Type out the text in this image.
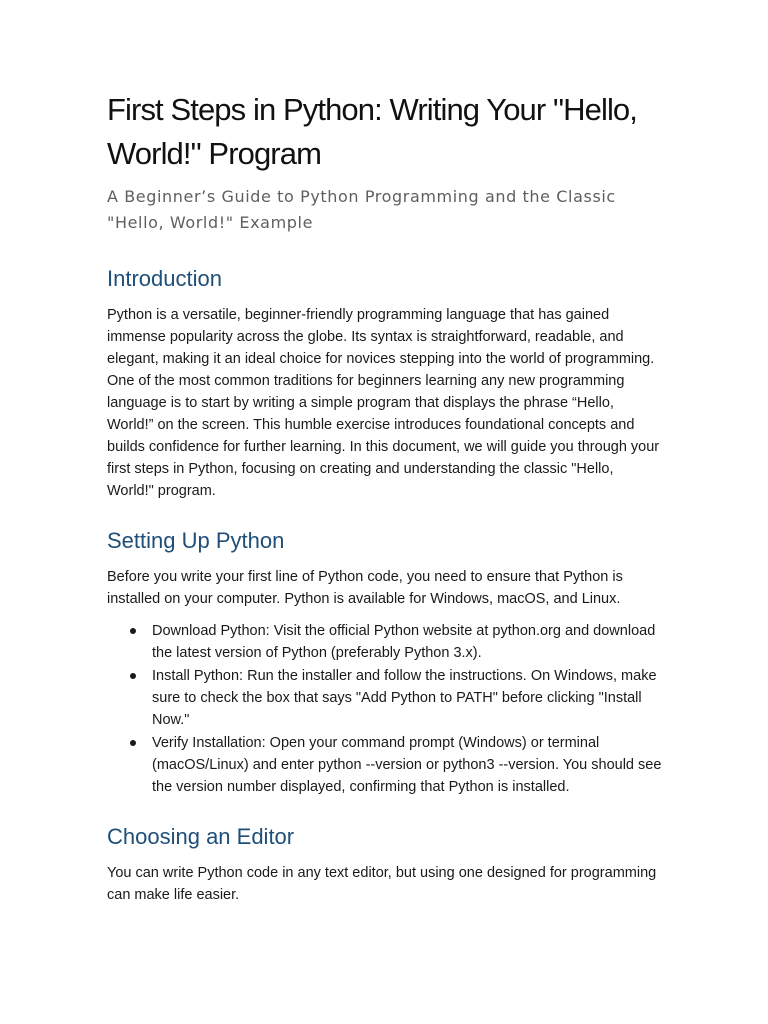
First Steps in Python: Writing Your "Hello, World!" Program
A Beginner’s Guide to Python Programming and the Classic "Hello, World!" Example
Introduction

Python is a versatile, beginner-friendly programming language that has gained immense popularity across the globe. Its syntax is straightforward, readable, and elegant, making it an ideal choice for novices stepping into the world of programming. One of the most common traditions for beginners learning any new programming language is to start by writing a simple program that displays the phrase “Hello, World!” on the screen. This humble exercise introduces foundational concepts and builds confidence for further learning. In this document, we will guide you through your first steps in Python, focusing on creating and understanding the classic "Hello, World!" program.

Setting Up Python

Before you write your first line of Python code, you need to ensure that Python is installed on your computer. Python is available for Windows, macOS, and Linux.

Download Python: Visit the official Python website at python.org and download the latest version of Python (preferably Python 3.x).
Install Python: Run the installer and follow the instructions. On Windows, make sure to check the box that says "Add Python to PATH" before clicking "Install Now."
Verify Installation: Open your command prompt (Windows) or terminal (macOS/Linux) and enter python --version or python3 --version. You should see the version number displayed, confirming that Python is installed.
Choosing an Editor

You can write Python code in any text editor, but using one designed for programming can make life easier.
